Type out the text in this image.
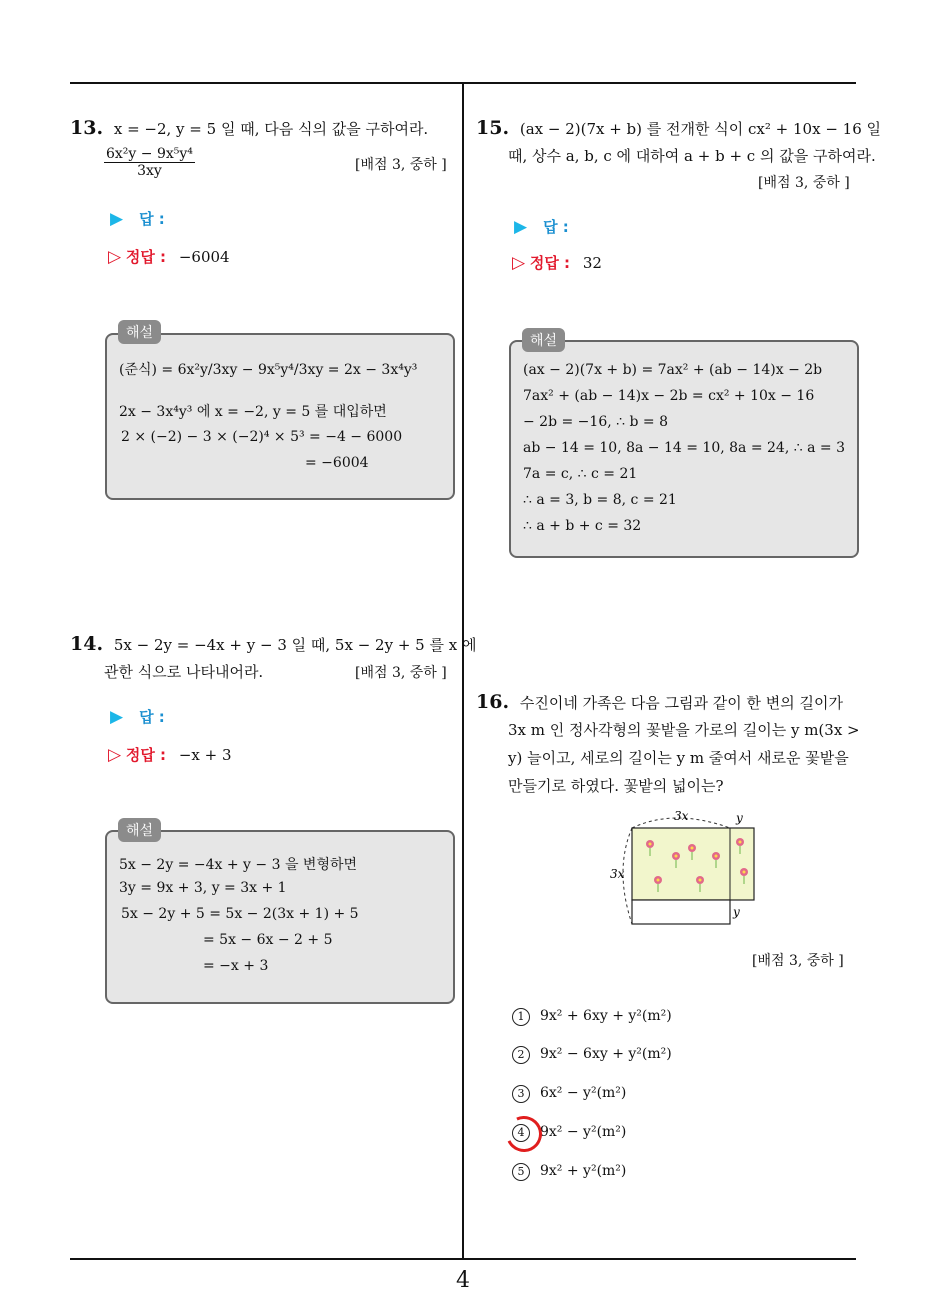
4
13. x = −2, y = 5 일 때, 다음 식의 값을 구하여라.
$\frac{\text{6x²y − 9x⁵y⁴}}{3xy}$	[배점 3, 중하 ]
▶ 답 :
▷ 정답 : −6004
(준식) = 6x²y/3xy − 9x⁵y⁴/3xy = 2x − 3x⁴y³
2x − 3x⁴y³ 에 x = −2, y = 5 를 대입하면
2 × (−2) − 3 × (−2)⁴ × 5³ = −4 − 6000
= −6004
해설
14. 5x − 2y = −4x + y − 3 일 때, 5x − 2y + 5 를 x 에
관한 식으로 나타내어라.	[배점 3, 중하 ]
▶ 답 :
▷ 정답 : −x + 3
5x − 2y = −4x + y − 3 을 변형하면
3y = 9x + 3, y = 3x + 1
5x − 2y + 5 = 5x − 2(3x + 1) + 5
= 5x − 6x − 2 + 5
= −x + 3
해설
15. (ax − 2)(7x + b) 를 전개한 식이 cx² + 10x − 16 일
때, 상수 a, b, c 에 대하여 a + b + c 의 값을 구하여라.
[배점 3, 중하 ]
▶ 답 :
▷ 정답 : 32
(ax − 2)(7x + b) = 7ax² + (ab − 14)x − 2b
7ax² + (ab − 14)x − 2b = cx² + 10x − 16
− 2b = −16, ∴ b = 8
ab − 14 = 10, 8a − 14 = 10, 8a = 24, ∴ a = 3
7a = c, ∴ c = 21
∴ a = 3, b = 8, c = 21
∴ a + b + c = 32
해설
16. 수진이네 가족은 다음 그림과 같이 한 변의 길이가
3x m 인 정사각형의 꽃밭을 가로의 길이는 y m(3x >
y) 늘이고, 세로의 길이는 y m 줄여서 새로운 꽃밭을
만들기로 하였다. 꽃밭의 넓이는?
3x	y
3x
y
[배점 3, 중하 ]
1 9x² + 6xy + y²(m²)
2 9x² − 6xy + y²(m²)
3 6x² − y²(m²)
4 9x² − y²(m²)
5 9x² + y²(m²)
